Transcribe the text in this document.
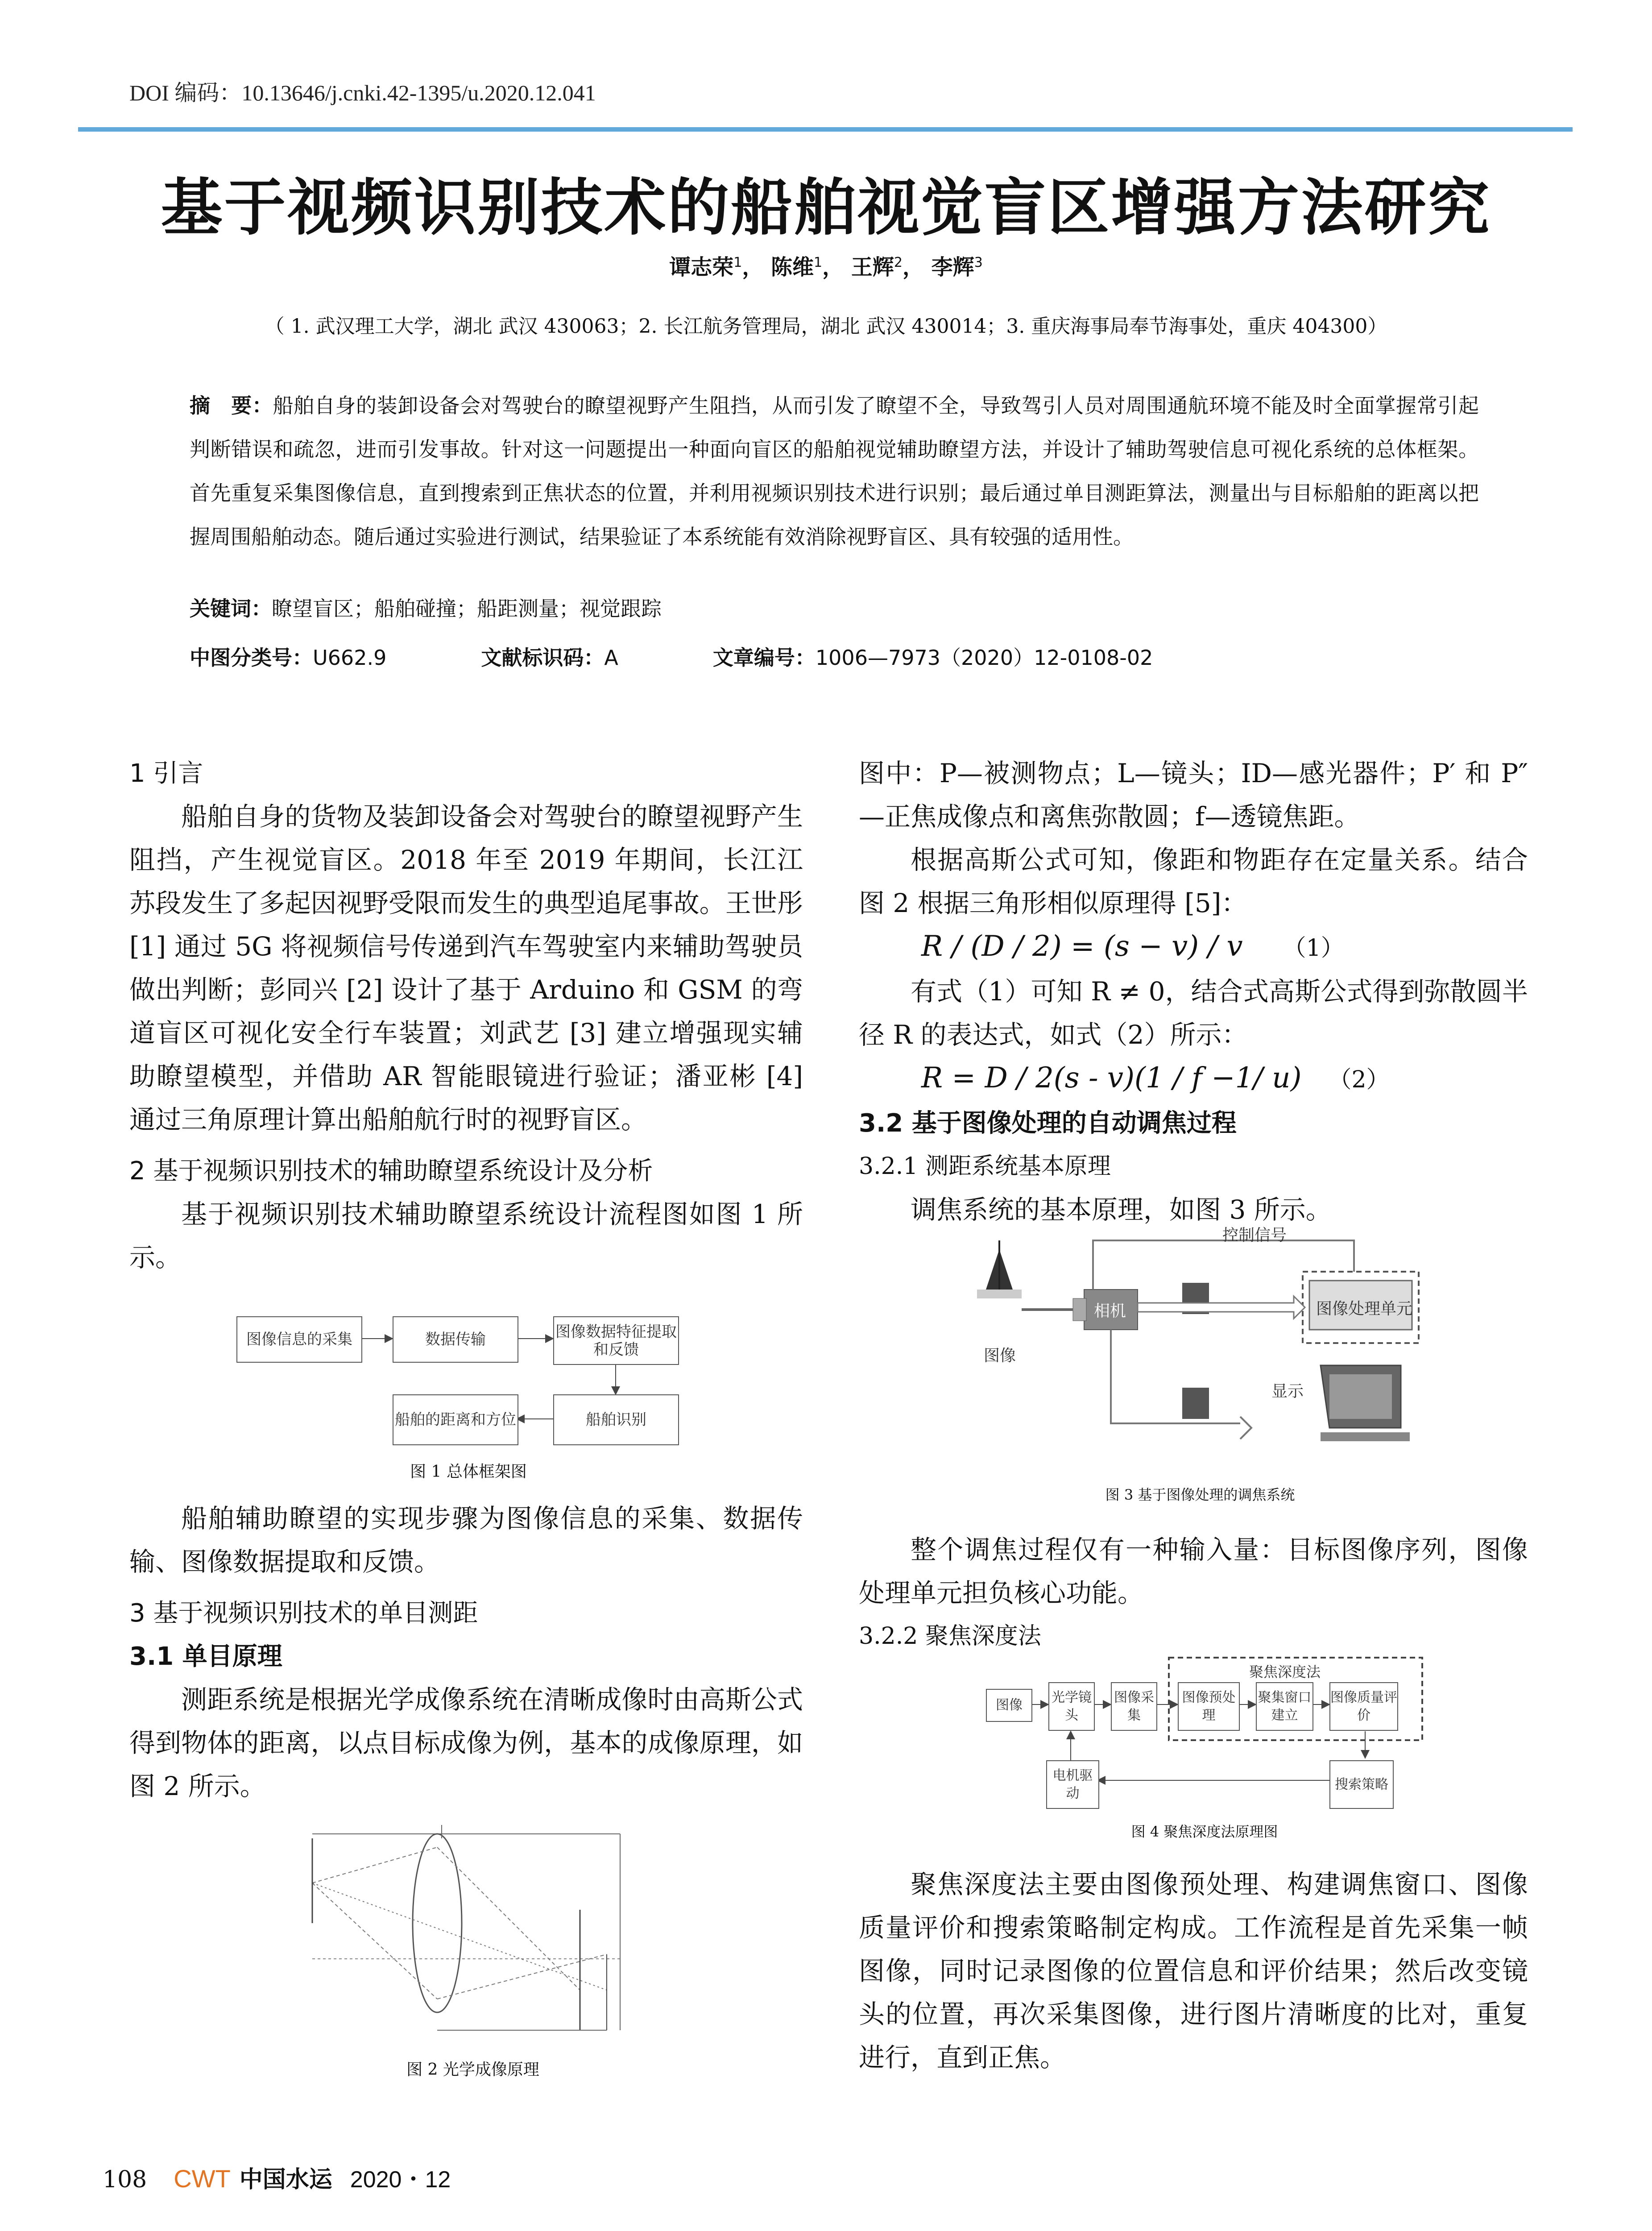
DOI 编码：10.13646/j.cnki.42-1395/u.2020.12.041
基于视频识别技术的船舶视觉盲区增强方法研究
谭志荣$^1$， 陈维$^1$， 王辉$^2$， 李辉$^3$
（ 1. 武汉理工大学，湖北 武汉 430063；2. 长江航务管理局，湖北 武汉 430014；3. 重庆海事局奉节海事处，重庆 404300）
摘　要：船舶自身的装卸设备会对驾驶台的瞭望视野产生阻挡，从而引发了瞭望不全，导致驾引人员对周围通航环境不能及时全面掌握常引起判断错误和疏忽，进而引发事故。针对这一问题提出一种面向盲区的船舶视觉辅助瞭望方法，并设计了辅助驾驶信息可视化系统的总体框架。首先重复采集图像信息，直到搜索到正焦状态的位置，并利用视频识别技术进行识别；最后通过单目测距算法，测量出与目标船舶的距离以把握周围船舶动态。随后通过实验进行测试，结果验证了本系统能有效消除视野盲区、具有较强的适用性。
关键词：瞭望盲区；船舶碰撞；船距测量；视觉跟踪
中图分类号：U662.9	文献标识码：A	文章编号：1006—7973（2020）12-0108-02
1 引言

船舶自身的货物及装卸设备会对驾驶台的瞭望视野产生阻挡，产生视觉盲区。2018 年至 2019 年期间，长江江苏段发生了多起因视野受限而发生的典型追尾事故。王世彤 [1] 通过 5G 将视频信号传递到汽车驾驶室内来辅助驾驶员做出判断；彭同兴 [2] 设计了基于 Arduino 和 GSM 的弯道盲区可视化安全行车装置；刘武艺 [3] 建立增强现实辅助瞭望模型，并借助 AR 智能眼镜进行验证；潘亚彬 [4] 通过三角原理计算出船舶航行时的视野盲区。

2 基于视频识别技术的辅助瞭望系统设计及分析

基于视频识别技术辅助瞭望系统设计流程图如图 1 所示。

图像信息的采集	数据传输	图像数据特征提取和反馈
船舶的距离和方位	船舶识别
图 1 总体框架图

船舶辅助瞭望的实现步骤为图像信息的采集、数据传输、图像数据提取和反馈。

3 基于视频识别技术的单目测距
3.1 单目原理

测距系统是根据光学成像系统在清晰成像时由高斯公式得到物体的距离，以点目标成像为例，基本的成像原理，如图 2 所示。

图 2 光学成像原理

图中：P—被测物点；L—镜头；ID—感光器件；P′ 和 P″ —正焦成像点和离焦弥散圆；f—透镜焦距。

根据高斯公式可知，像距和物距存在定量关系。结合图 2 根据三角形相似原理得 [5]：

R / (D / 2) = (s − v) / v （1）

有式（1）可知 R ≠ 0，结合式高斯公式得到弥散圆半径 R 的表达式，如式（2）所示：

R = D / 2(s - v)(1 / f −1/ u) （2）
3.2 基于图像处理的自动调焦过程
3.2.1 测距系统基本原理

调焦系统的基本原理，如图 3 所示。

控制信号
相机	图像处理单元
图像
显示
图 3 基于图像处理的调焦系统

整个调焦过程仅有一种输入量：目标图像序列，图像处理单元担负核心功能。

3.2.2 聚焦深度法
聚焦深度法
图像	光学镜头
图像采集
图像预处理
聚集窗口建立
图像质量评价
电机驱动
搜索策略
图 4 聚焦深度法原理图

聚焦深度法主要由图像预处理、构建调焦窗口、图像质量评价和搜索策略制定构成。工作流程是首先采集一帧图像，同时记录图像的位置信息和评价结果；然后改变镜头的位置，再次采集图像，进行图片清晰度的比对，重复进行，直到正焦。

108 CWT 中国水运 2020・12
